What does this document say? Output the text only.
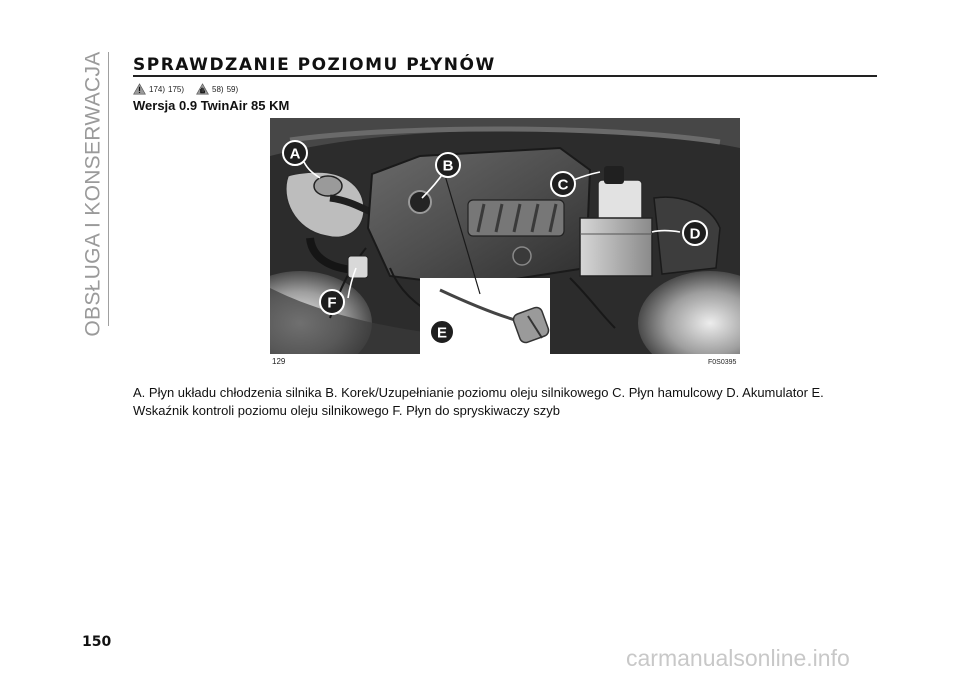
OBSŁUGA I KONSERWACJA SPRAWDZANIE POZIOMU PŁYNÓW
174) 175)	58) 59)
Wersja 0.9 TwinAir 85 KM
A
B
C
D
E
F
129	F0S0395

A. Płyn układu chłodzenia silnika B. Korek/Uzupełnianie poziomu oleju silnikowego C. Płyn hamulcowy D. Akumulator E. Wskaźnik kontroli poziomu oleju silnikowego F. Płyn do spryskiwaczy szyb

150
carmanualsonline.info
